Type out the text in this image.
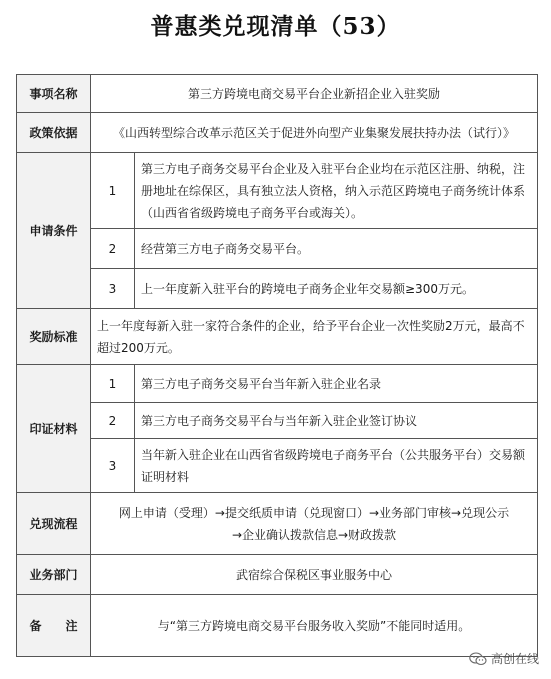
普惠类兑现清单（53）
事项名称	第三方跨境电商交易平台企业新招企业入驻奖励	
政策依据	《山西转型综合改革示范区关于促进外向型产业集聚发展扶持办法（试行）》	
申请条件	1	第三方电子商务交易平台企业及入驻平台企业均在示范区注册、纳税，注册地址在综保区，具有独立法人资格，纳入示范区跨境电子商务统计体系（山西省省级跨境电子商务平台或海关）。
	2	经营第三方电子商务交易平台。
	3	上一年度新入驻平台的跨境电子商务企业年交易额≥300万元。
奖励标准	上一年度每新入驻一家符合条件的企业，给予平台企业一次性奖励2万元，最高不超过200万元。	
印证材料	1	第三方电子商务交易平台当年新入驻企业名录
	2	第三方电子商务交易平台与当年新入驻企业签订协议
	3	当年新入驻企业在山西省省级跨境电子商务平台（公共服务平台）交易额证明材料
兑现流程	网上申请（受理）→提交纸质申请（兑现窗口）→业务部门审核→兑现公示
→企业确认拨款信息→财政拨款	

业务部门	武宿综合保税区事业服务中心	
备　　注	与“第三方跨境电商交易平台服务收入奖励”不能同时适用。	
高创在线
